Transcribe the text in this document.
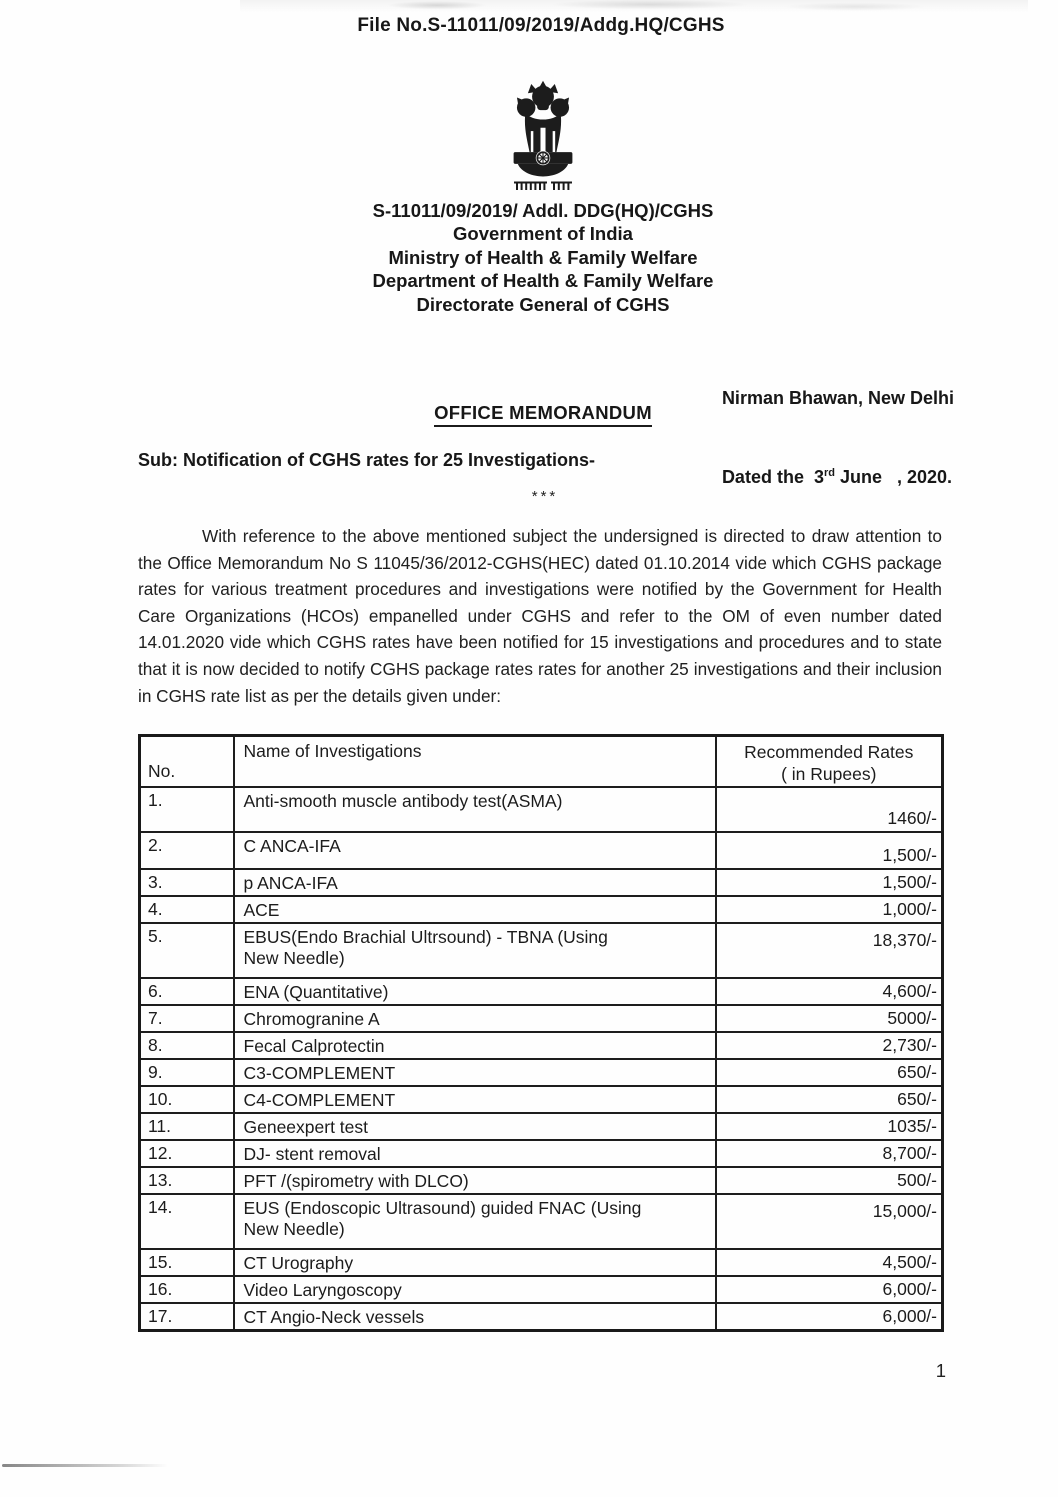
File No.S-11011/09/2019/Addg.HQ/CGHS
S-11011/09/2019/ Addl. DDG(HQ)/CGHS
Government of India
Ministry of Health & Family Welfare
Department of Health & Family Welfare
Directorate General of CGHS

Nirman Bhawan, New Delhi

Dated the  3rd June   , 2020.

OFFICE MEMORANDUM
Sub: Notification of CGHS rates for 25 Investigations-
***

With reference to the above mentioned subject the undersigned is directed to draw attention to the Office Memorandum No S 11045/36/2012-CGHS(HEC) dated 01.10.2014 vide which CGHS package rates for various treatment procedures and investigations were notified by the Government for Health Care Organizations (HCOs) empanelled under CGHS and refer to the OM of even number dated 14.01.2020 vide which CGHS rates have been notified for 15 investigations and procedures and to state that it is now decided to notify CGHS package rates rates for another 25 investigations and their inclusion in CGHS rate list as per the details given under:

No.	Name of Investigations	Recommended Rates
( in Rupees)

1.	Anti-smooth muscle antibody test(ASMA)	1460/-
2.	C ANCA-IFA	1,500/-
3.	p ANCA-IFA	1,500/-
4.	ACE	1,000/-
5.	EBUS(Endo Brachial Ultrsound) - TBNA (Using New Needle)	18,370/-
6.	ENA (Quantitative)	4,600/-
7.	Chromogranine A	5000/-
8.	Fecal Calprotectin	2,730/-
9.	C3-COMPLEMENT	650/-
10.	C4-COMPLEMENT	650/-
11.	Geneexpert test	1035/-
12.	DJ- stent removal	8,700/-
13.	PFT /(spirometry with DLCO)	500/-
14.	EUS (Endoscopic Ultrasound) guided FNAC (Using New Needle)	15,000/-
15.	CT Urography	4,500/-
16.	Video Laryngoscopy	6,000/-
17.	CT Angio-Neck vessels	6,000/-
1
